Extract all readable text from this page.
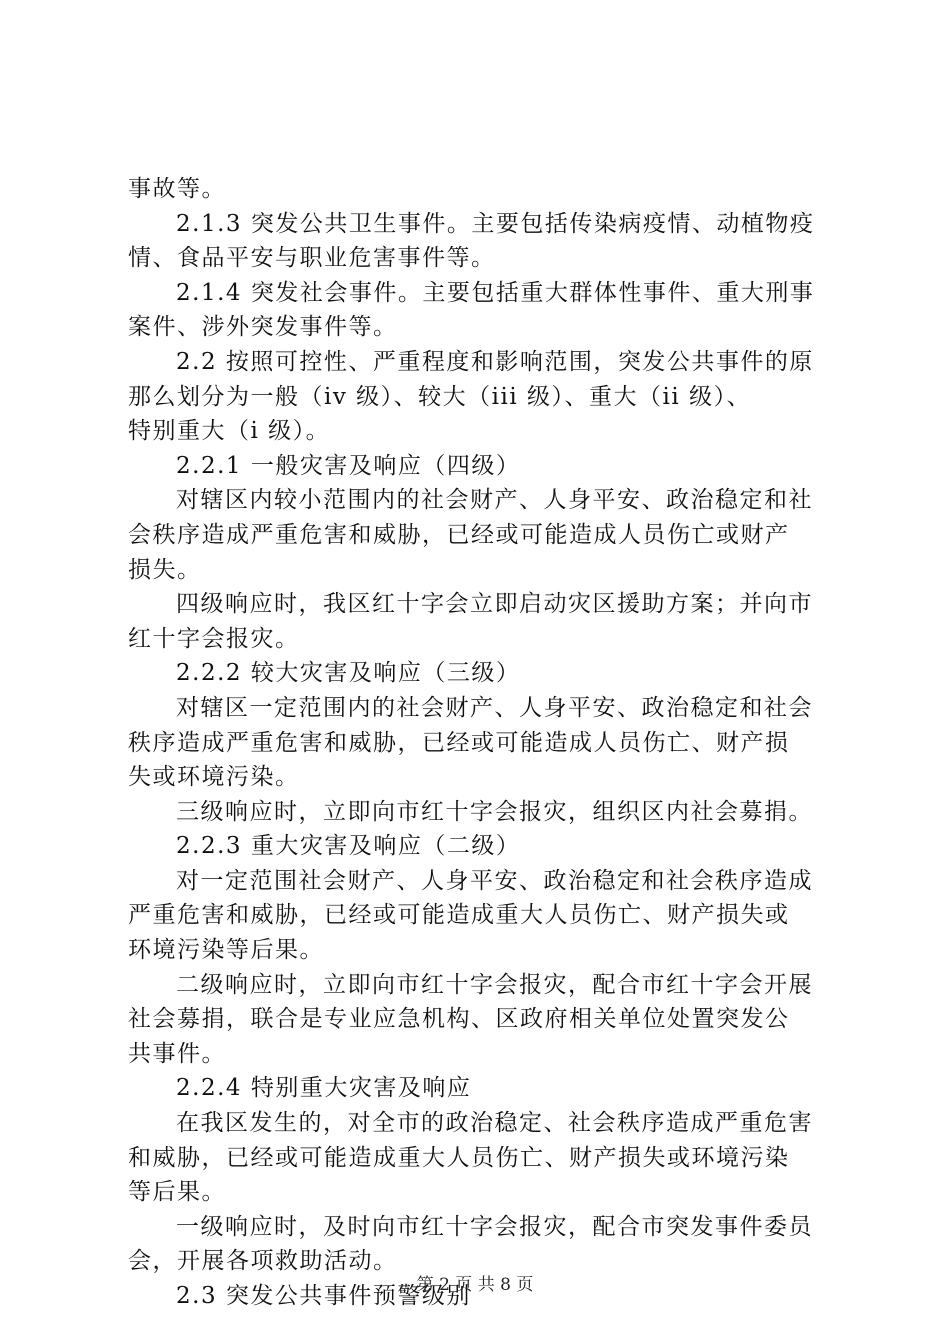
事故等。
2.1.3 突发公共卫生事件。主要包括传染病疫情、动植物疫
情、食品平安与职业危害事件等。
2.1.4 突发社会事件。主要包括重大群体性事件、重大刑事
案件、涉外突发事件等。
2.2 按照可控性、严重程度和影响范围，突发公共事件的原
那么划分为一般（iv 级）、较大（iii 级）、重大（ii 级）、
特别重大（i 级）。
2.2.1 一般灾害及响应（四级）
对辖区内较小范围内的社会财产、人身平安、政治稳定和社
会秩序造成严重危害和威胁，已经或可能造成人员伤亡或财产
损失。
四级响应时，我区红十字会立即启动灾区援助方案；并向市
红十字会报灾。
2.2.2 较大灾害及响应（三级）
对辖区一定范围内的社会财产、人身平安、政治稳定和社会
秩序造成严重危害和威胁，已经或可能造成人员伤亡、财产损
失或环境污染。
三级响应时，立即向市红十字会报灾，组织区内社会募捐。
2.2.3 重大灾害及响应（二级）
对一定范围社会财产、人身平安、政治稳定和社会秩序造成
严重危害和威胁，已经或可能造成重大人员伤亡、财产损失或
环境污染等后果。
二级响应时，立即向市红十字会报灾，配合市红十字会开展
社会募捐，联合是专业应急机构、区政府相关单位处置突发公
共事件。
2.2.4 特别重大灾害及响应
在我区发生的，对全市的政治稳定、社会秩序造成严重危害
和威胁，已经或可能造成重大人员伤亡、财产损失或环境污染
等后果。
一级响应时，及时向市红十字会报灾，配合市突发事件委员
会，开展各项救助活动。
2.3 突发公共事件预警级别
第 2 页 共 8 页
